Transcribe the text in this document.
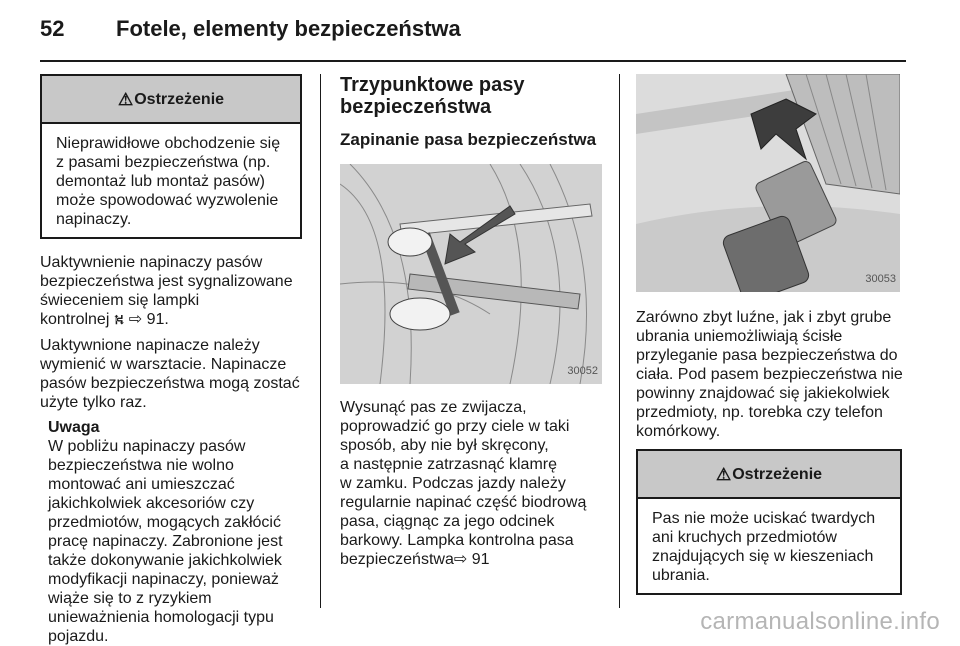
52 Fotele, elementy bezpieczeństwa
⚠ Ostrzeżenie
Nieprawidłowe obchodzenie się
z pasami bezpieczeństwa (np.
demontaż lub montaż pasów)
może spowodować wyzwolenie
napinaczy.
Uaktywnienie napinaczy pasów
bezpieczeństwa jest sygnalizowane
świeceniem się lampki
kontrolnej ⛕ ⇨ 91.
Uaktywnione napinacze należy
wymienić w warsztacie. Napinacze
pasów bezpieczeństwa mogą zostać
użyte tylko raz.
Uwaga
W pobliżu napinaczy pasów
bezpieczeństwa nie wolno
montować ani umieszczać
jakichkolwiek akcesoriów czy
przedmiotów, mogących zakłócić
pracę napinaczy. Zabronione jest
także dokonywanie jakichkolwiek
modyfikacji napinaczy, ponieważ
wiąże się to z ryzykiem
unieważnienia homologacji typu
pojazdu.
Trzypunktowe pasy
bezpieczeństwa
Zapinanie pasa bezpieczeństwa
30052
Wysunąć pas ze zwijacza,
poprowadzić go przy ciele w taki
sposób, aby nie był skręcony,
a następnie zatrzasnąć klamrę
w zamku. Podczas jazdy należy
regularnie napinać część biodrową
pasa, ciągnąc za jego odcinek
barkowy. Lampka kontrolna pasa
bezpieczeństwa⇨ 91
30053
Zarówno zbyt luźne, jak i zbyt grube
ubrania uniemożliwiają ścisłe
przyleganie pasa bezpieczeństwa do
ciała. Pod pasem bezpieczeństwa nie
powinny znajdować się jakiekolwiek
przedmioty, np. torebka czy telefon
komórkowy.
⚠ Ostrzeżenie
Pas nie może uciskać twardych
ani kruchych przedmiotów
znajdujących się w kieszeniach
ubrania.
carmanualsonline.info
